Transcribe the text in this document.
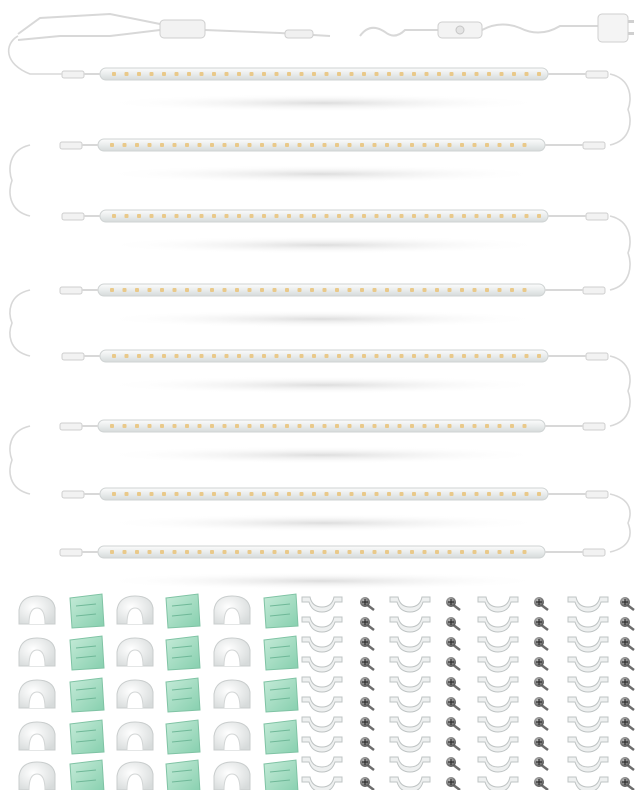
8 15
15
40
40
